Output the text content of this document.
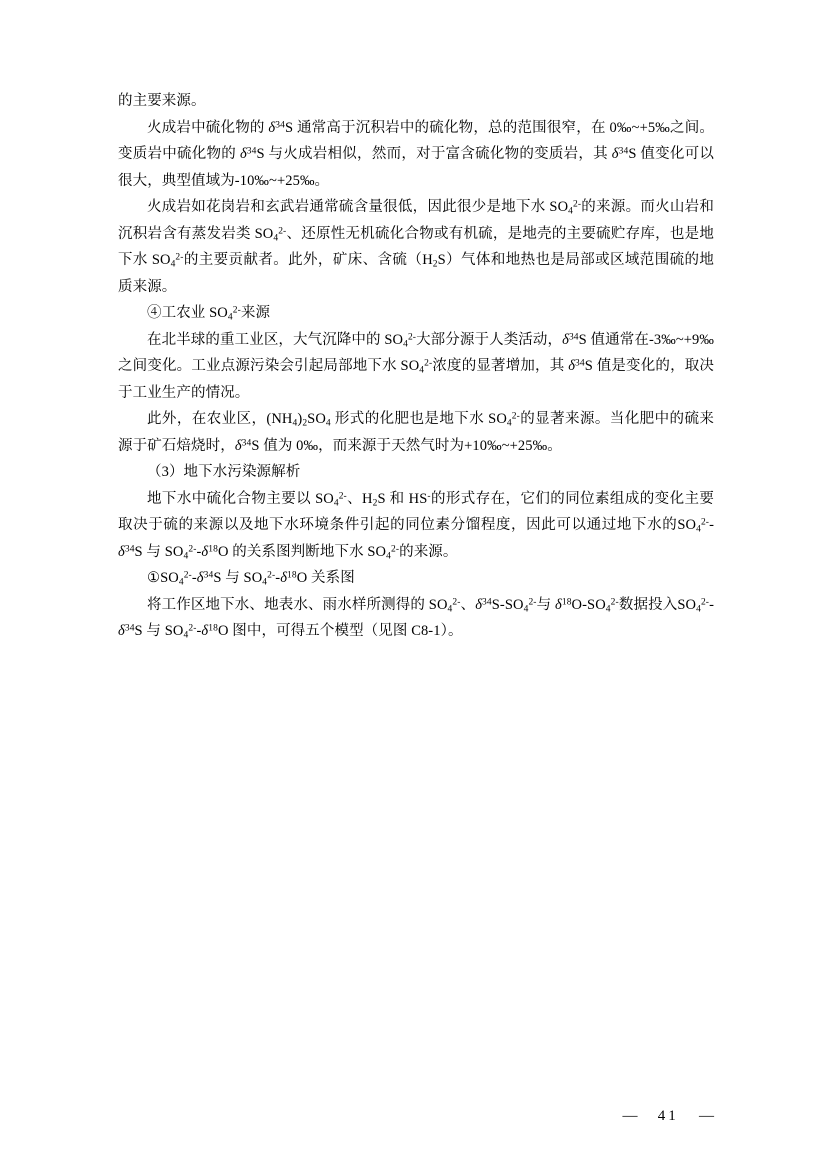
的主要来源。

火成岩中硫化物的 $\delta^{34}S$ 通常高于沉积岩中的硫化物，总的范围很窄，在 0‰~+5‰之间。变质岩中硫化物的 $\delta^{34}S$ 与火成岩相似，然而，对于富含硫化物的变质岩，其 $\delta^{34}S$ 值变化可以很大，典型值域为-10‰~+25‰。

火成岩如花岗岩和玄武岩通常硫含量很低，因此很少是地下水 $SO_4^{2-}$的来源。而火山岩和沉积岩含有蒸发岩类 $SO_4^{2-}$、还原性无机硫化合物或有机硫，是地壳的主要硫贮存库，也是地下水 $SO_4^{2-}$的主要贡献者。此外，矿床、含硫$(H_2S)$气体和地热也是局部或区域范围硫的地质来源。

④工农业 $SO_4^{2-}$来源

在北半球的重工业区，大气沉降中的 $SO_4^{2-}$大部分源于人类活动，$\delta^{34}S$ 值通常在-3‰~+9‰之间变化。工业点源污染会引起局部地下水 $SO_4^{2-}$浓度的显著增加，其 $\delta^{34}S$ 值是变化的，取决于工业生产的情况。

此外，在农业区，$(NH_4)_2SO_4$ 形式的化肥也是地下水 $SO_4^{2-}$的显著来源。当化肥中的硫来源于矿石焙烧时，$\delta^{34}S$ 值为 0‰，而来源于天然气时为+10‰~+25‰。

（3）地下水污染源解析

地下水中硫化合物主要以 $SO_4^{2-}$、$H_2S$ 和 HS-的形式存在，它们的同位素组成的变化主要取决于硫的来源以及地下水环境条件引起的同位素分馏程度，因此可以通过地下水的$SO_4^{2-}-\delta^{34}S$ 与 $SO_4^{2-}-\delta^{18}O$ 的关系图判断地下水 $SO_4^{2-}$的来源。

$①SO_4^{2-}-\delta^{34}S$ 与 $SO_4^{2-}-\delta^{18}O$ 关系图

将工作区地下水、地表水、雨水样所测得的 $SO_4^{2-}$、$\delta^{34}S-SO_4^{2-}$与 $\delta^{18}O-SO_4^{2-}$数据投入$SO_4^{2-}-\delta^{34}S$ 与 $SO_4^{2-}-\delta^{18}O$ 图中，可得五个模型（见图 C8-1）。

— 41 —
